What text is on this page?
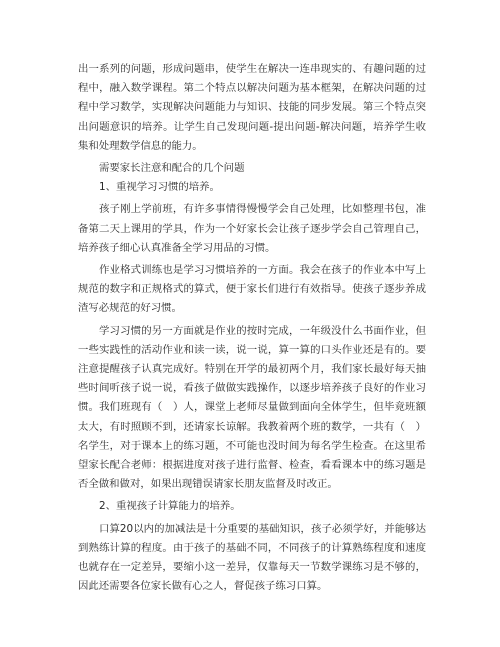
出一系列的问题，形成问题串，使学生在解决一连串现实的、有趣问题的过程中，融入数学课程。第二个特点以解决问题为基本框架，在解决问题的过程中学习数学，实现解决问题能力与知识、技能的同步发展。第三个特点突出问题意识的培养。让学生自己发现问题-提出问题-解决问题，培养学生收集和处理数学信息的能力。

需要家长注意和配合的几个问题

1、重视学习习惯的培养。

孩子刚上学前班，有许多事情得慢慢学会自己处理，比如整理书包，准备第二天上课用的学具，作为一个好家长会让孩子逐步学会自己管理自己，培养孩子细心认真准备全学习用品的习惯。

作业格式训练也是学习习惯培养的一方面。我会在孩子的作业本中写上规范的数字和正规格式的算式，便于家长们进行有效指导。使孩子逐步养成渣写必规范的好习惯。

学习习惯的另一方面就是作业的按时完成，一年级没什么书面作业，但一些实践性的活动作业和读一读，说一说，算一算的口头作业还是有的。要注意提醒孩子认真完成好。特别在开学的最初两个月，我们家长最好每天抽些时间听孩子说一说，看孩子做做实践操作，以逐步培养孩子良好的作业习惯。我们班现有（　）人，课堂上老师尽量做到面向全体学生，但毕竟班额太大，有时照顾不到，还请家长谅解。我教着两个班的数学，一共有（　）名学生，对于课本上的练习题，不可能也没时间为每名学生检查。在这里希望家长配合老师：根据进度对孩子进行监督、检查，看看课本中的练习题是否全做和做对，如果出现错误请家长朋友监督及时改正。

2、重视孩子计算能力的培养。

口算20以内的加减法是十分重要的基础知识，孩子必须学好，并能够达到熟练计算的程度。由于孩子的基础不同，不同孩子的计算熟练程度和速度也就存在一定差异，要缩小这一差异，仅靠每天一节数学课练习是不够的，因此还需要各位家长做有心之人，督促孩子练习口算。
